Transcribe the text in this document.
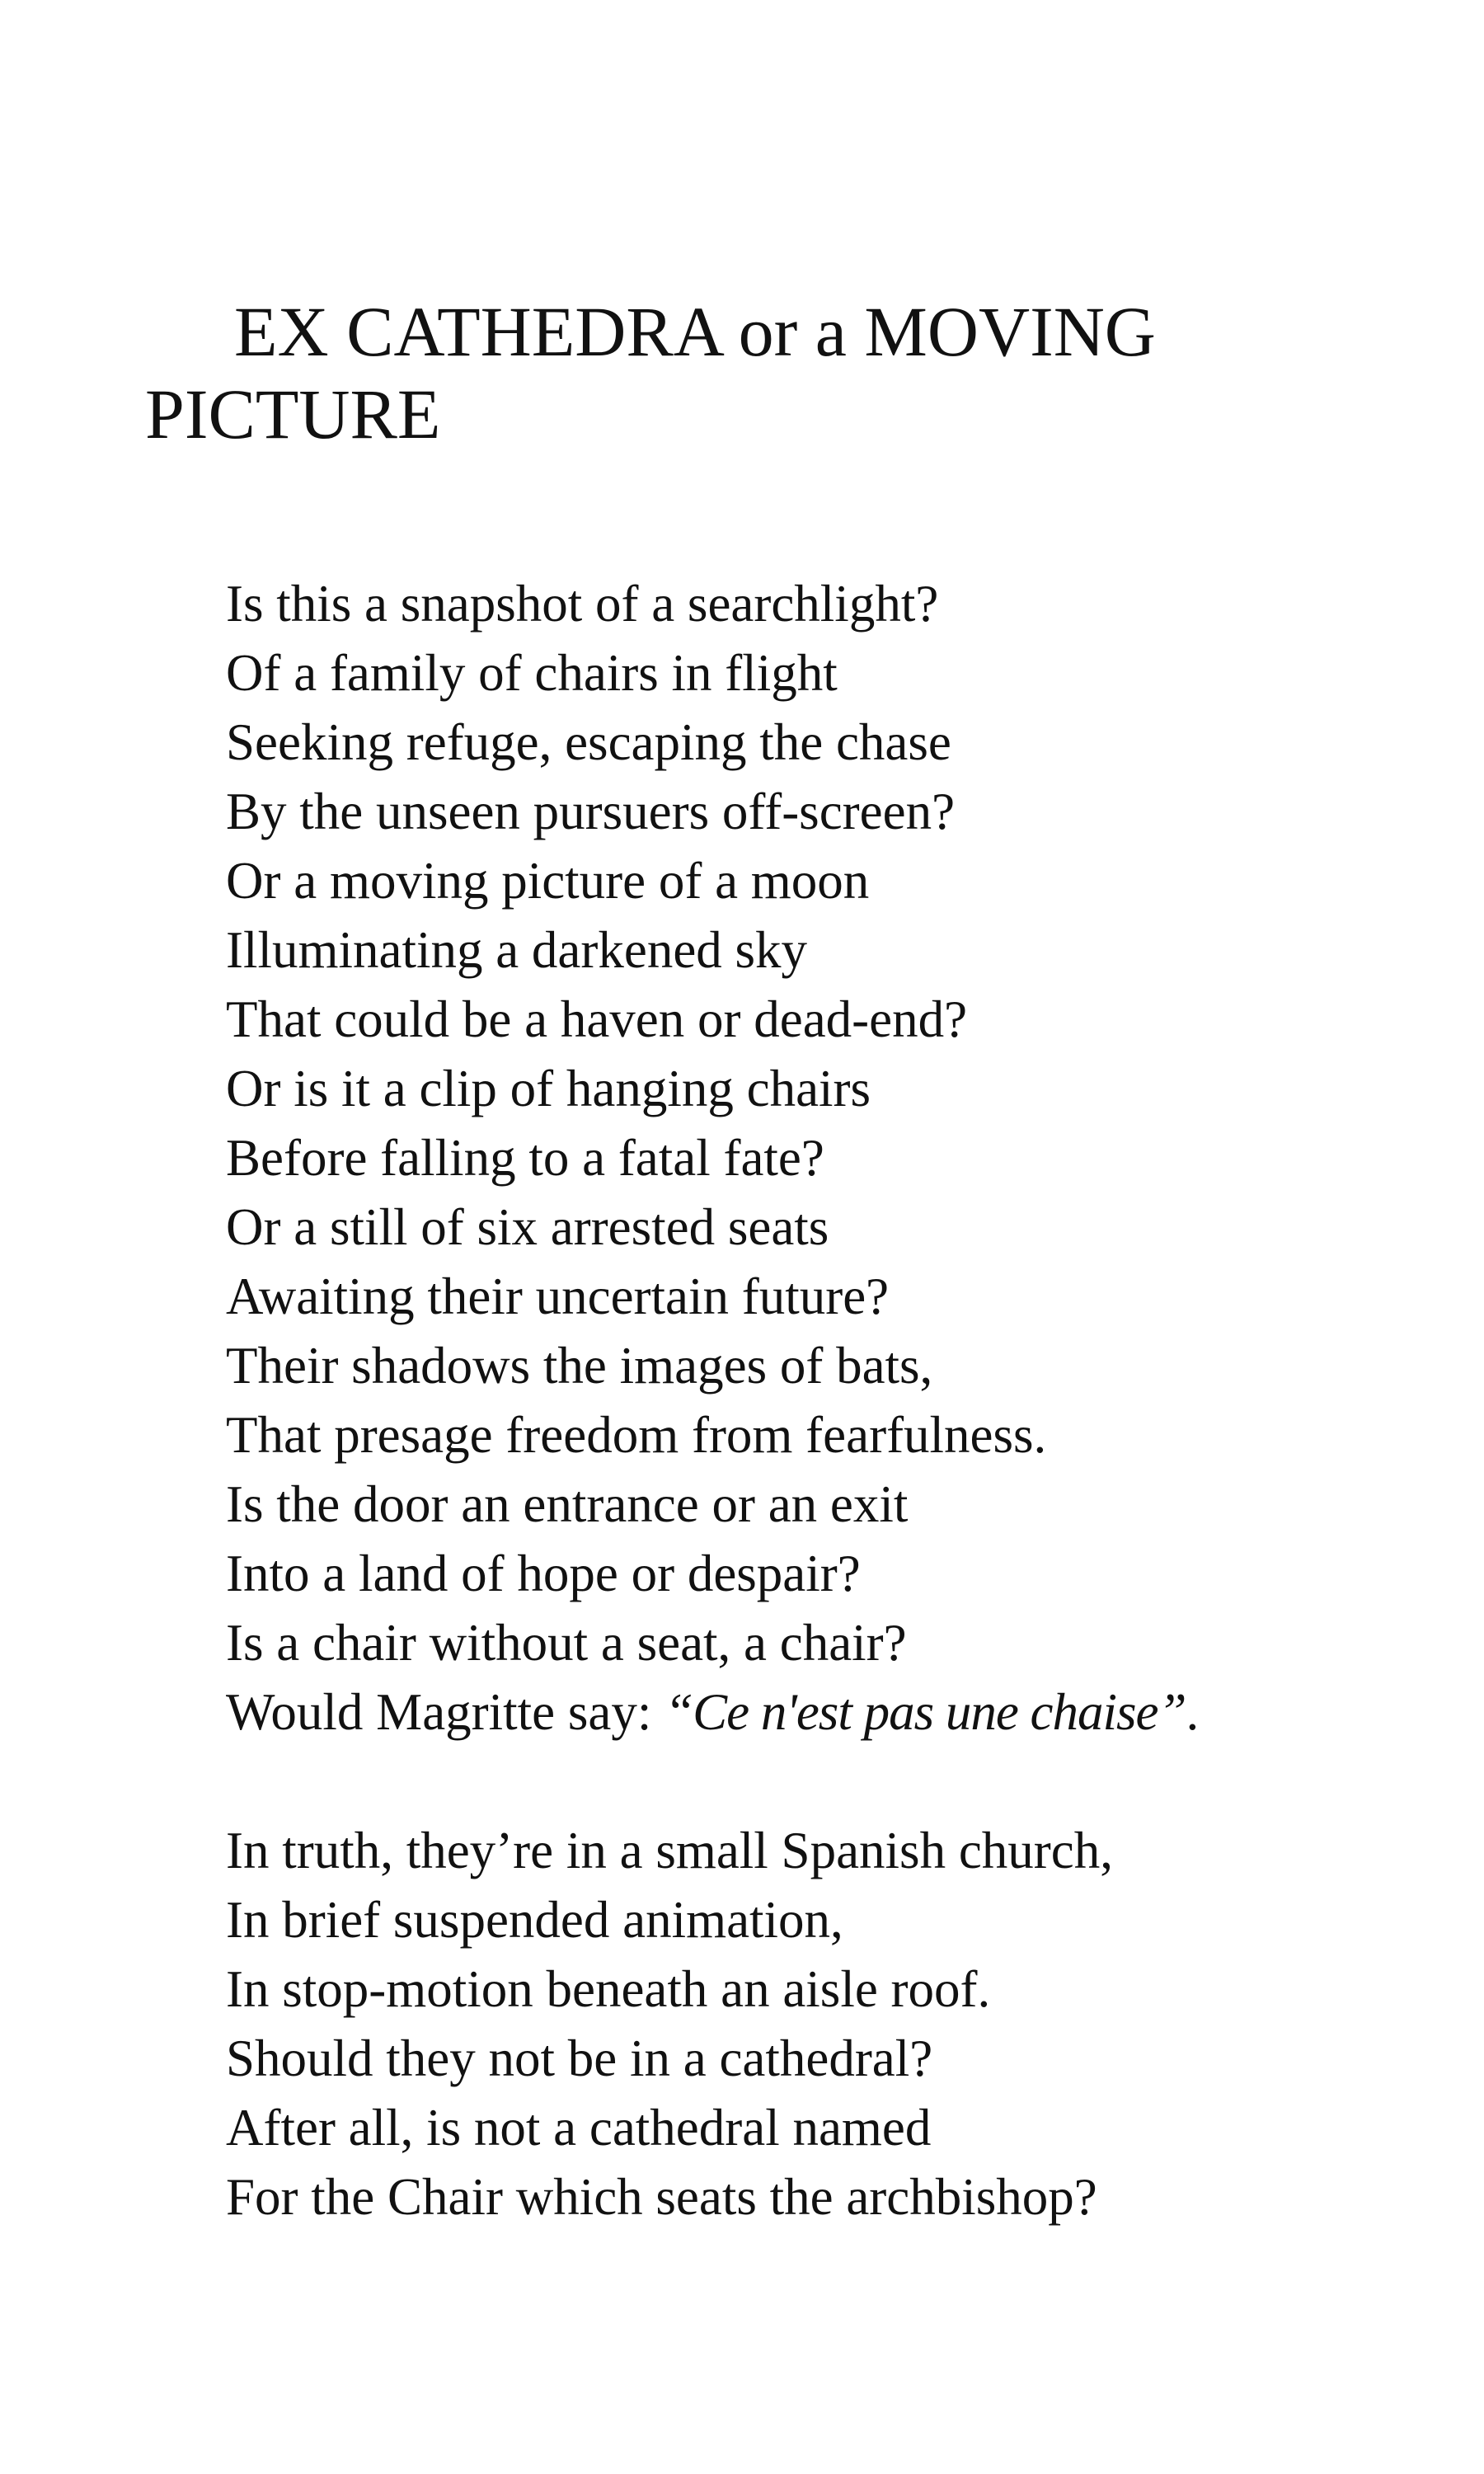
EX CATHEDRA or a MOVING PICTURE

Is this a snapshot of a searchlight?
Of a family of chairs in flight
Seeking refuge, escaping the chase
By the unseen pursuers off-screen?
Or a moving picture of a moon
Illuminating a darkened sky
That could be a haven or dead-end?
Or is it a clip of hanging chairs
Before falling to a fatal fate?
Or a still of six arrested seats
Awaiting their uncertain future?
Their shadows the images of bats,
That presage freedom from fearfulness.
Is the door an entrance or an exit
Into a land of hope or despair?
Is a chair without a seat, a chair?
Would Magritte say: “Ce n'est pas une chaise”.

In truth, they’re in a small Spanish church,
In brief suspended animation,
In stop-motion beneath an aisle roof.
Should they not be in a cathedral?
After all, is not a cathedral named
For the Chair which seats the archbishop?
